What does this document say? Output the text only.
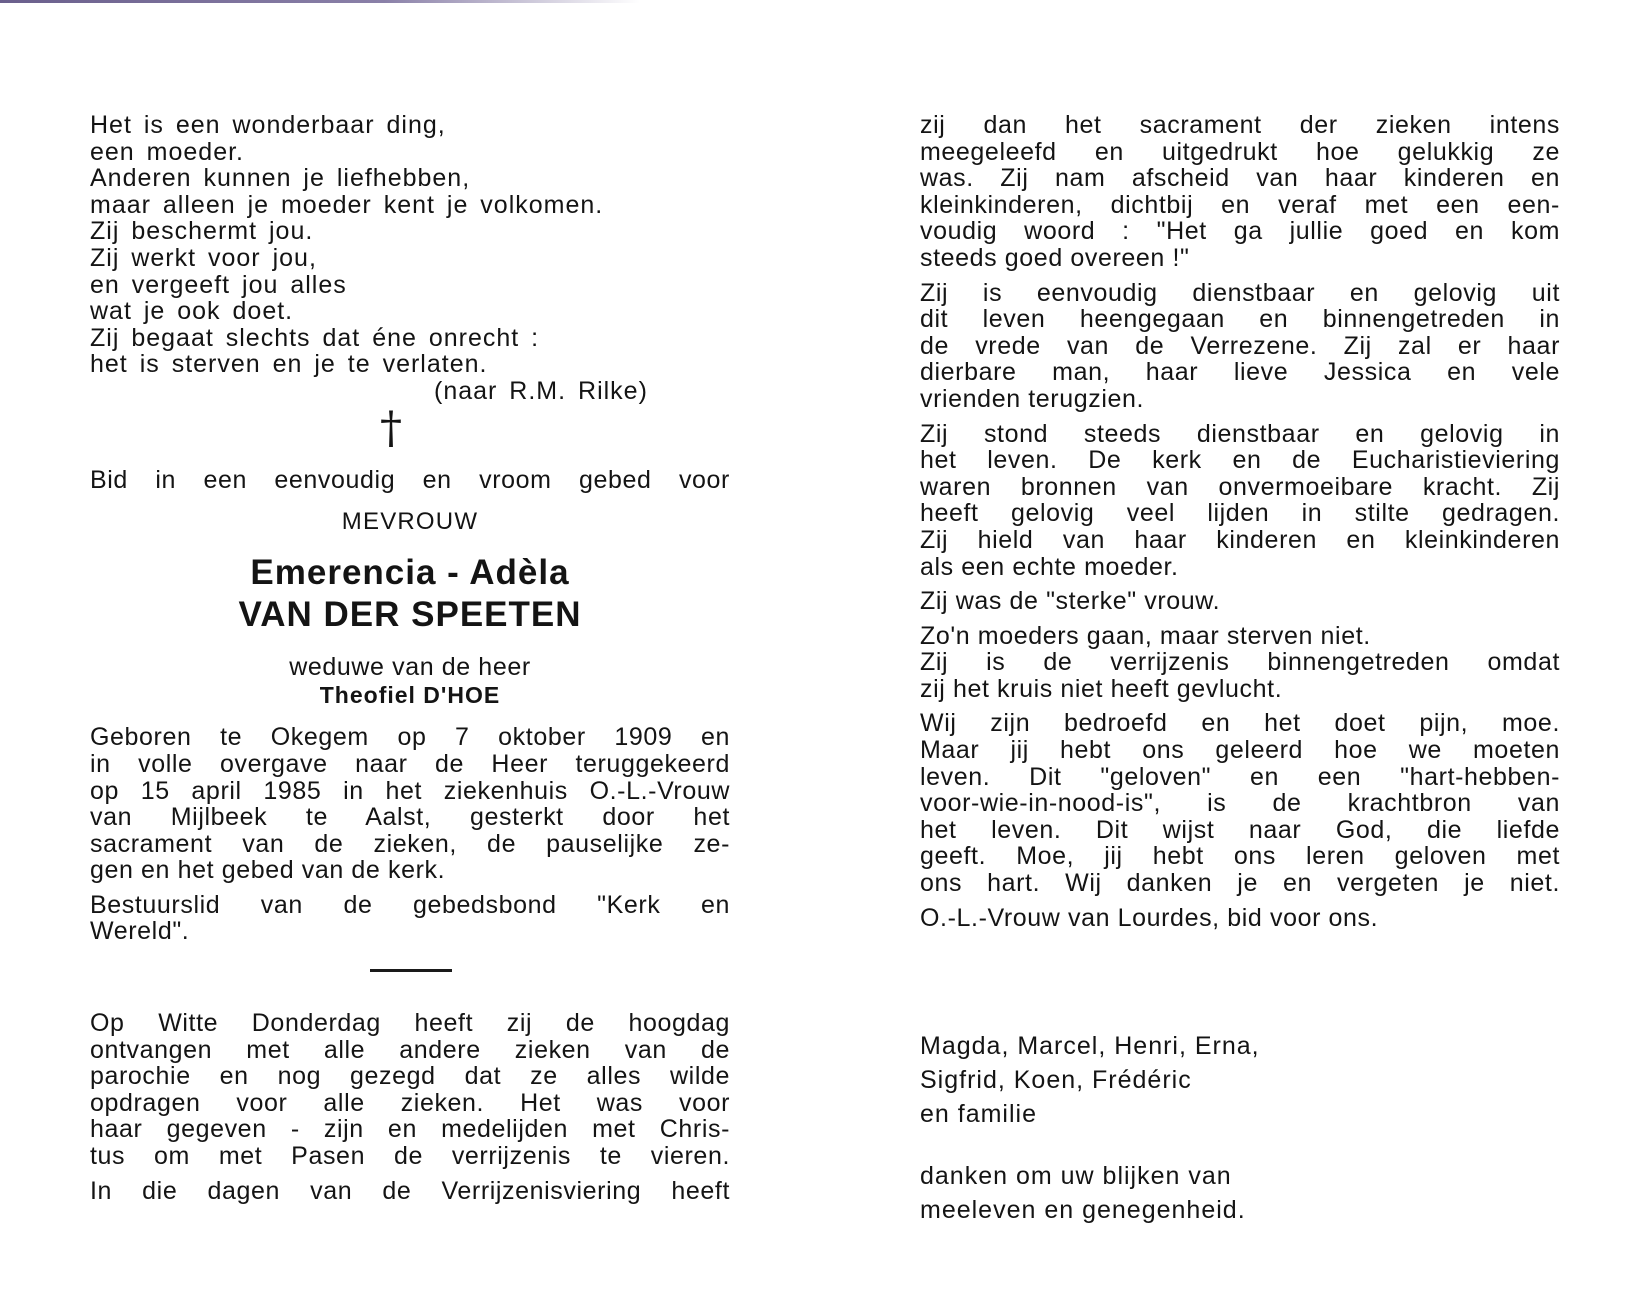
Het is een wonderbaar ding,
een moeder.
Anderen kunnen je liefhebben,
maar alleen je moeder kent je volkomen.
Zij beschermt jou.
Zij werkt voor jou,
en vergeeft jou alles
wat je ook doet.
Zij begaat slechts dat éne onrecht :
het is sterven en je te verlaten.
(naar R.M. Rilke)
†
Bid in een eenvoudig en vroom gebed voor
MEVROUW
Emerencia - Adèla
VAN DER SPEETEN
weduwe van de heer
Theofiel D'HOE
Geboren te Okegem op 7 oktober 1909 en
in volle overgave naar de Heer teruggekeerd
op 15 april 1985 in het ziekenhuis O.-L.-Vrouw
van Mijlbeek te Aalst, gesterkt door het
sacrament van de zieken, de pauselijke ze-
gen en het gebed van de kerk.
Bestuurslid van de gebedsbond "Kerk en
Wereld".
Op Witte Donderdag heeft zij de hoogdag
ontvangen met alle andere zieken van de
parochie en nog gezegd dat ze alles wilde
opdragen voor alle zieken. Het was voor
haar gegeven - zijn en medelijden met Chris-
tus om met Pasen de verrijzenis te vieren.
In die dagen van de Verrijzenisviering heeft
zij dan het sacrament der zieken intens
meegeleefd en uitgedrukt hoe gelukkig ze
was. Zij nam afscheid van haar kinderen en
kleinkinderen, dichtbij en veraf met een een-
voudig woord : "Het ga jullie goed en kom
steeds goed overeen !"
Zij is eenvoudig dienstbaar en gelovig uit
dit leven heengegaan en binnengetreden in
de vrede van de Verrezene. Zij zal er haar
dierbare man, haar lieve Jessica en vele
vrienden terugzien.
Zij stond steeds dienstbaar en gelovig in
het leven. De kerk en de Eucharistieviering
waren bronnen van onvermoeibare kracht. Zij
heeft gelovig veel lijden in stilte gedragen.
Zij hield van haar kinderen en kleinkinderen
als een echte moeder.
Zij was de "sterke" vrouw.
Zo'n moeders gaan, maar sterven niet.
Zij is de verrijzenis binnengetreden omdat
zij het kruis niet heeft gevlucht.
Wij zijn bedroefd en het doet pijn, moe.
Maar jij hebt ons geleerd hoe we moeten
leven. Dit "geloven" en een "hart-hebben-
voor-wie-in-nood-is", is de krachtbron van
het leven. Dit wijst naar God, die liefde
geeft. Moe, jij hebt ons leren geloven met
ons hart. Wij danken je en vergeten je niet.
O.-L.-Vrouw van Lourdes, bid voor ons.
Magda, Marcel, Henri, Erna,
Sigfrid, Koen, Frédéric
en familie
danken om uw blijken van
meeleven en genegenheid.
